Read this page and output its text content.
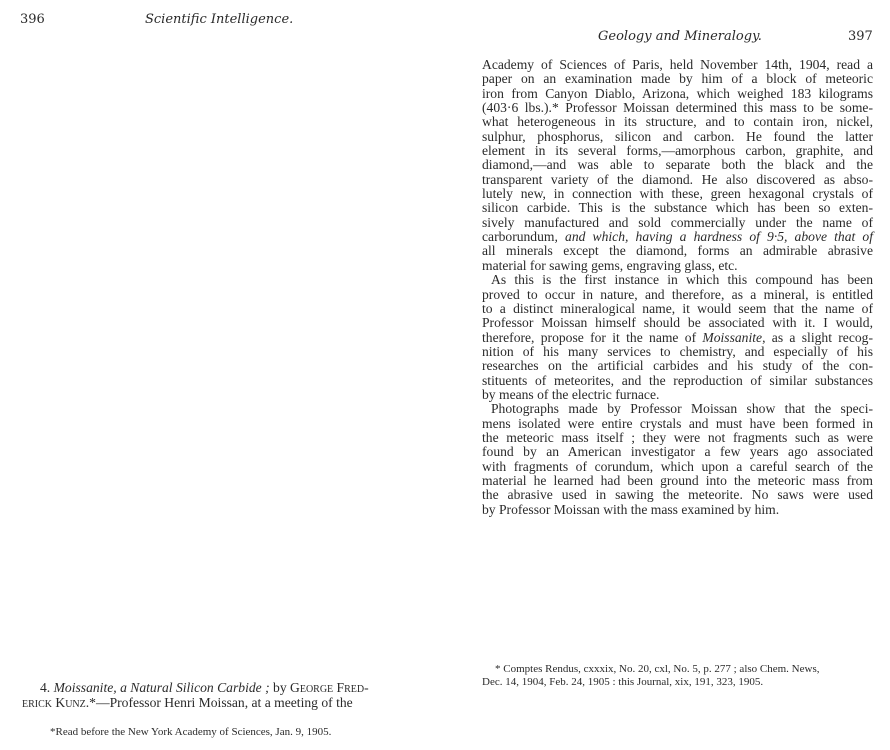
396	Scientific Intelligence.
4. Moissanite, a Natural Silicon Carbide ; by George Fred-
erick Kunz.*—Professor Henri Moissan, at a meeting of the
*Read before the New York Academy of Sciences, Jan. 9, 1905.
Geology and Mineralogy.	397
Academy of Sciences of Paris, held November 14th, 1904, read a
paper on an examination made by him of a block of meteoric
iron from Canyon Diablo, Arizona, which weighed 183 kilograms
(403·6 lbs.).* Professor Moissan determined this mass to be some-
what heterogeneous in its structure, and to contain iron, nickel,
sulphur, phosphorus, silicon and carbon. He found the latter
element in its several forms,—amorphous carbon, graphite, and
diamond,—and was able to separate both the black and the
transparent variety of the diamond. He also discovered as abso-
lutely new, in connection with these, green hexagonal crystals of
silicon carbide. This is the substance which has been so exten-
sively manufactured and sold commercially under the name of
carborundum, and which, having a hardness of 9·5, above that of
all minerals except the diamond, forms an admirable abrasive
material for sawing gems, engraving glass, etc.
As this is the first instance in which this compound has been
proved to occur in nature, and therefore, as a mineral, is entitled
to a distinct mineralogical name, it would seem that the name of
Professor Moissan himself should be associated with it. I would,
therefore, propose for it the name of Moissanite, as a slight recog-
nition of his many services to chemistry, and especially of his
researches on the artificial carbides and his study of the con-
stituents of meteorites, and the reproduction of similar substances
by means of the electric furnace.
Photographs made by Professor Moissan show that the speci-
mens isolated were entire crystals and must have been formed in
the meteoric mass itself ; they were not fragments such as were
found by an American investigator a few years ago associated
with fragments of corundum, which upon a careful search of the
material he learned had been ground into the meteoric mass from
the abrasive used in sawing the meteorite. No saws were used
by Professor Moissan with the mass examined by him.
* Comptes Rendus, cxxxix, No. 20, cxl, No. 5, p. 277 ; also Chem. News,
Dec. 14, 1904, Feb. 24, 1905 : this Journal, xix, 191, 323, 1905.
